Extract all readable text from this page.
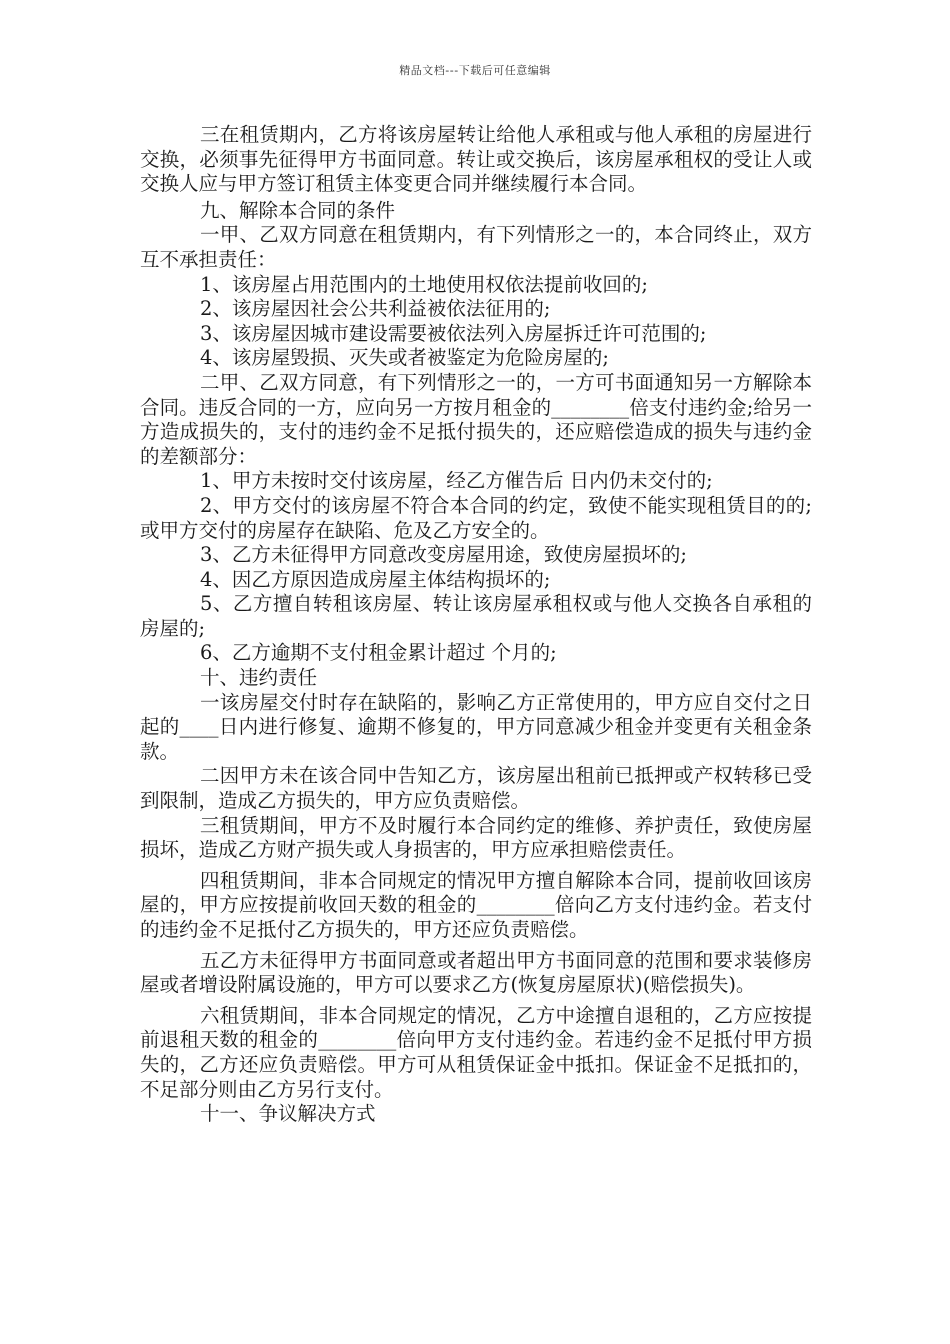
精品文档---下载后可任意编辑

三在租赁期内，乙方将该房屋转让给他人承租或与他人承租的房屋进行交换，必须事先征得甲方书面同意。转让或交换后，该房屋承租权的受让人或交换人应与甲方签订租赁主体变更合同并继续履行本合同。

九、解除本合同的条件

一甲、乙双方同意在租赁期内，有下列情形之一的，本合同终止，双方互不承担责任：

1、该房屋占用范围内的土地使用权依法提前收回的;

2、该房屋因社会公共利益被依法征用的;

3、该房屋因城市建设需要被依法列入房屋拆迁许可范围的;

4、该房屋毁损、灭失或者被鉴定为危险房屋的;

二甲、乙双方同意，有下列情形之一的，一方可书面通知另一方解除本合同。违反合同的一方，应向另一方按月租金的________倍支付违约金;给另一方造成损失的，支付的违约金不足抵付损失的，还应赔偿造成的损失与违约金的差额部分：

1、甲方未按时交付该房屋，经乙方催告后 日内仍未交付的;

2、甲方交付的该房屋不符合本合同的约定，致使不能实现租赁目的的;或甲方交付的房屋存在缺陷、危及乙方安全的。

3、乙方未征得甲方同意改变房屋用途，致使房屋损坏的;

4、因乙方原因造成房屋主体结构损坏的;

5、乙方擅自转租该房屋、转让该房屋承租权或与他人交换各自承租的房屋的;

6、乙方逾期不支付租金累计超过 个月的;

十、违约责任

一该房屋交付时存在缺陷的，影响乙方正常使用的，甲方应自交付之日起的____日内进行修复、逾期不修复的，甲方同意减少租金并变更有关租金条款。

二因甲方未在该合同中告知乙方，该房屋出租前已抵押或产权转移已受到限制，造成乙方损失的，甲方应负责赔偿。

三租赁期间，甲方不及时履行本合同约定的维修、养护责任，致使房屋损坏，造成乙方财产损失或人身损害的，甲方应承担赔偿责任。

四租赁期间，非本合同规定的情况甲方擅自解除本合同，提前收回该房屋的，甲方应按提前收回天数的租金的________倍向乙方支付违约金。若支付的违约金不足抵付乙方损失的，甲方还应负责赔偿。

五乙方未征得甲方书面同意或者超出甲方书面同意的范围和要求装修房屋或者增设附属设施的，甲方可以要求乙方(恢复房屋原状)(赔偿损失)。

六租赁期间，非本合同规定的情况，乙方中途擅自退租的，乙方应按提前退租天数的租金的________倍向甲方支付违约金。若违约金不足抵付甲方损失的，乙方还应负责赔偿。甲方可从租赁保证金中抵扣。保证金不足抵扣的，不足部分则由乙方另行支付。

十一、争议解决方式
